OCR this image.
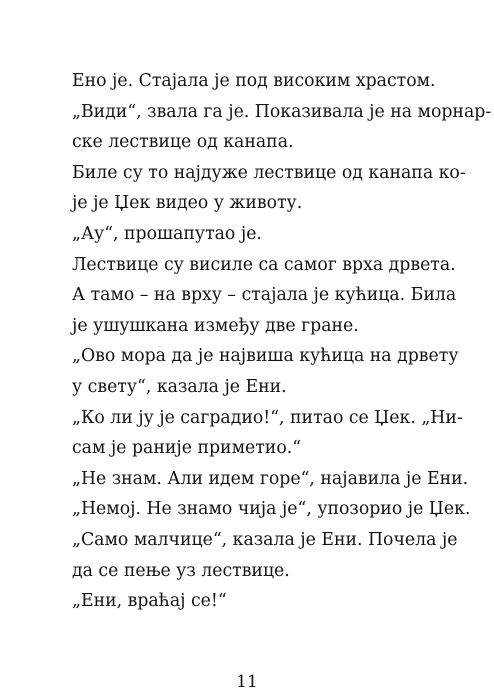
Ено је. Стајала је под високим храстом.

„Види“, звала га је. Показивала је на морнар-
ске лествице од канапа.

Биле су то најдуже лествице од канапа ко-
је је Џек видео у животу.

„Ау“, прошапутао је.

Лествице су висиле са самог врха дрвета.

А тамо – на врху – стајала је кућица. Била
је ушушкана између две гране.

„Ово мора да је највиша кућица на дрвету
у свету“, казала је Ени.

„Ко ли ју је саградио!“, питао се Џек. „Ни-
сам је раније приметио.“

„Не знам. Али идем горе“, најавила је Ени.

„Немој. Не знамо чија је“, упозорио је Џек.

„Само малчице“, казала је Ени. Почела је
да се пење уз лествице.

„Ени, враћај се!“

11
